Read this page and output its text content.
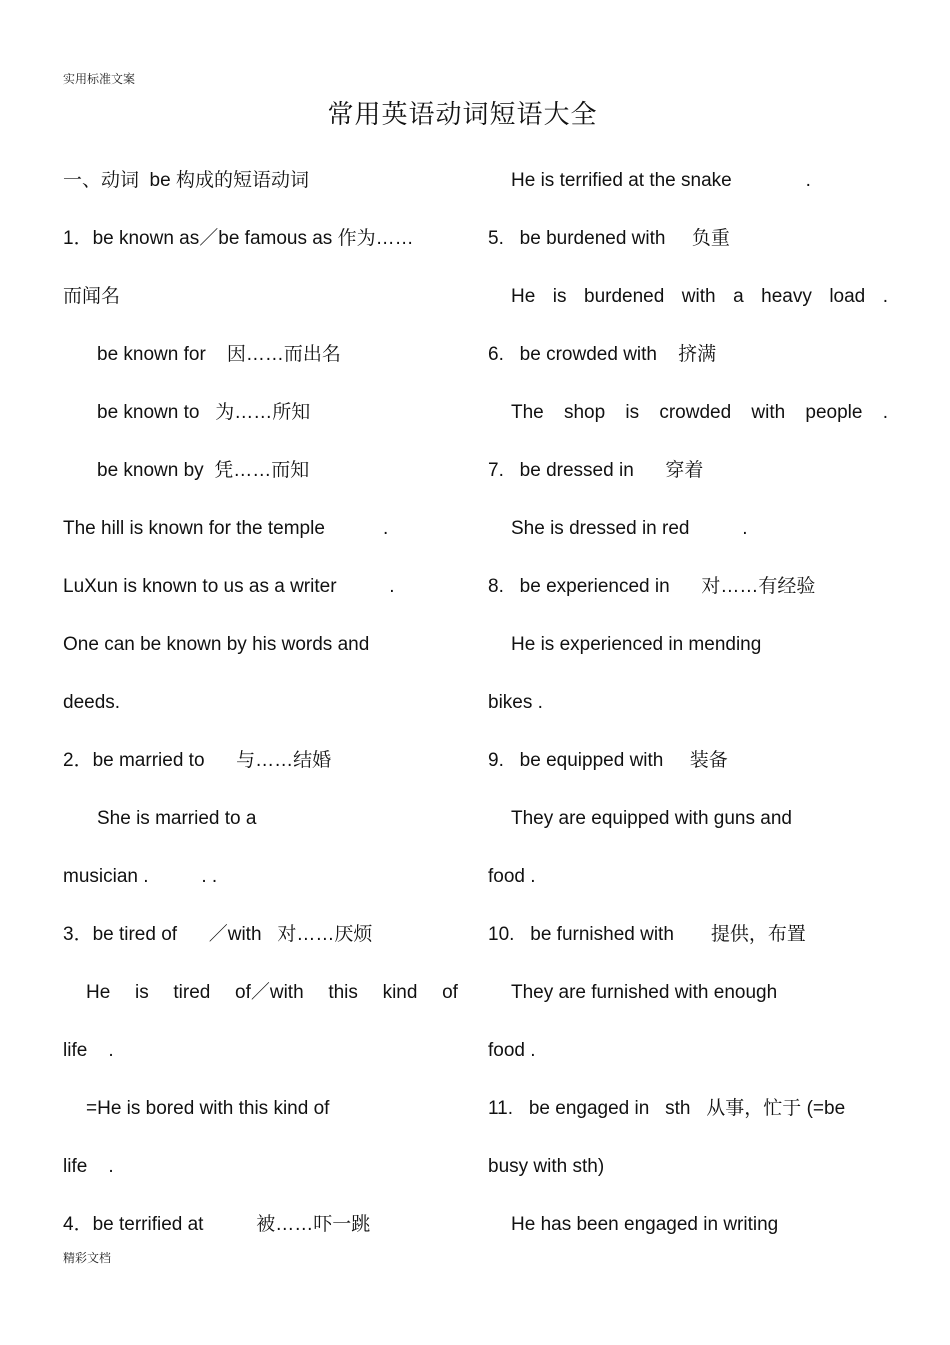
实用标准文案
常用英语动词短语大全
一、动词  be 构成的短语动词
1．be known as／be famous as 作为……
而闻名
be known for    因……而出名
be known to   为……所知
be known by  凭……而知
The hill is known for the temple           .
LuXun is known to us as a writer          .
One can be known by his words and
deeds.
2．be married to      与……结婚
She is married to a
musician .          . .
3．be tired of      ／with   对……厌烦
He is tired of／with this kind of
life    .
=He is bored with this kind of
life    .
4．be terrified at          被……吓一跳
He is terrified at the snake              .
5.   be burdened with     负重
He is burdened with a heavy load .
6.   be crowded with    挤满
The shop is crowded with people .
7.   be dressed in      穿着
She is dressed in red          .
8.   be experienced in      对……有经验
He is experienced in mending
bikes .
9.   be equipped with     装备
They are equipped with guns and
food .
10.   be furnished with       提供，布置
They are furnished with enough
food .
11.   be engaged in   sth   从事，忙于 (=be
busy with sth)
He has been engaged in writing
精彩文档
